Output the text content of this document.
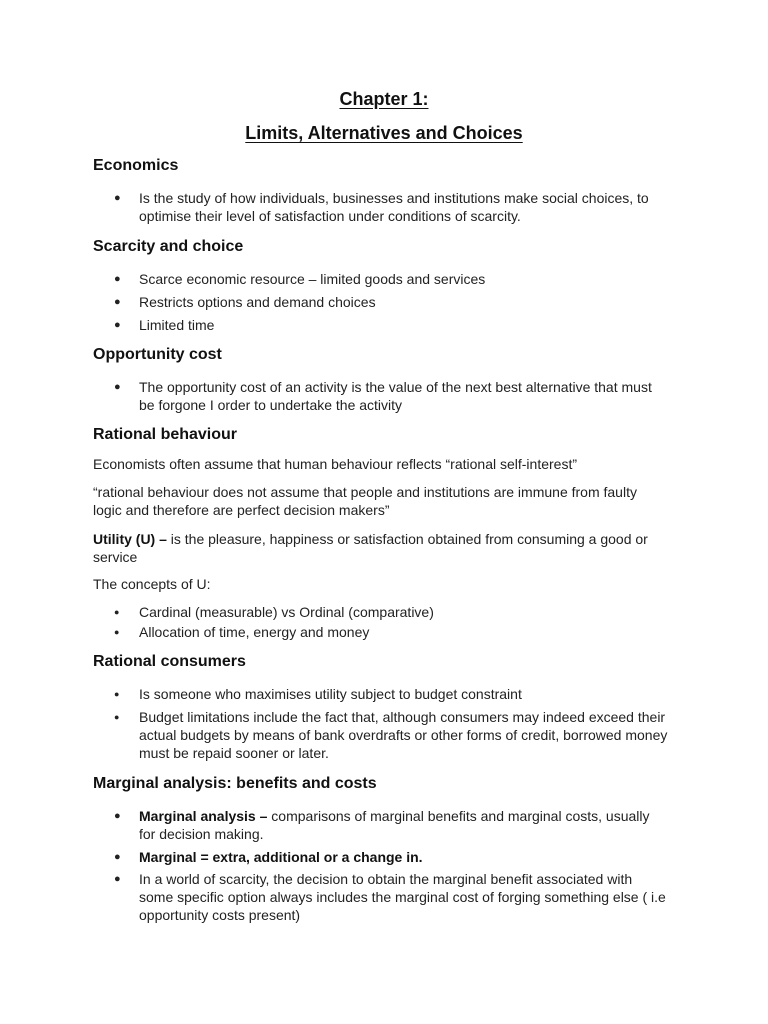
Chapter 1:
Limits, Alternatives and Choices
Economics
● Is the study of how individuals, businesses and institutions make social choices, to optimise their level of satisfaction under conditions of scarcity.
Scarcity and choice
● Scarce economic resource – limited goods and services
● Restricts options and demand choices
● Limited time
Opportunity cost
● The opportunity cost of an activity is the value of the next best alternative that must be forgone I order to undertake the activity
Rational behaviour

Economists often assume that human behaviour reflects “rational self-interest”

“rational behaviour does not assume that people and institutions are immune from faulty logic and therefore are perfect decision makers”

Utility (U) – is the pleasure, happiness or satisfaction obtained from consuming a good or service

The concepts of U:

● Cardinal (measurable) vs Ordinal (comparative)
● Allocation of time, energy and money
Rational consumers
● Is someone who maximises utility subject to budget constraint
● Budget limitations include the fact that, although consumers may indeed exceed their actual budgets by means of bank overdrafts or other forms of credit, borrowed money must be repaid sooner or later.
Marginal analysis: benefits and costs
● Marginal analysis – comparisons of marginal benefits and marginal costs, usually for decision making.
● Marginal = extra, additional or a change in.
● In a world of scarcity, the decision to obtain the marginal benefit associated with some specific option always includes the marginal cost of forging something else ( i.e opportunity costs present)
